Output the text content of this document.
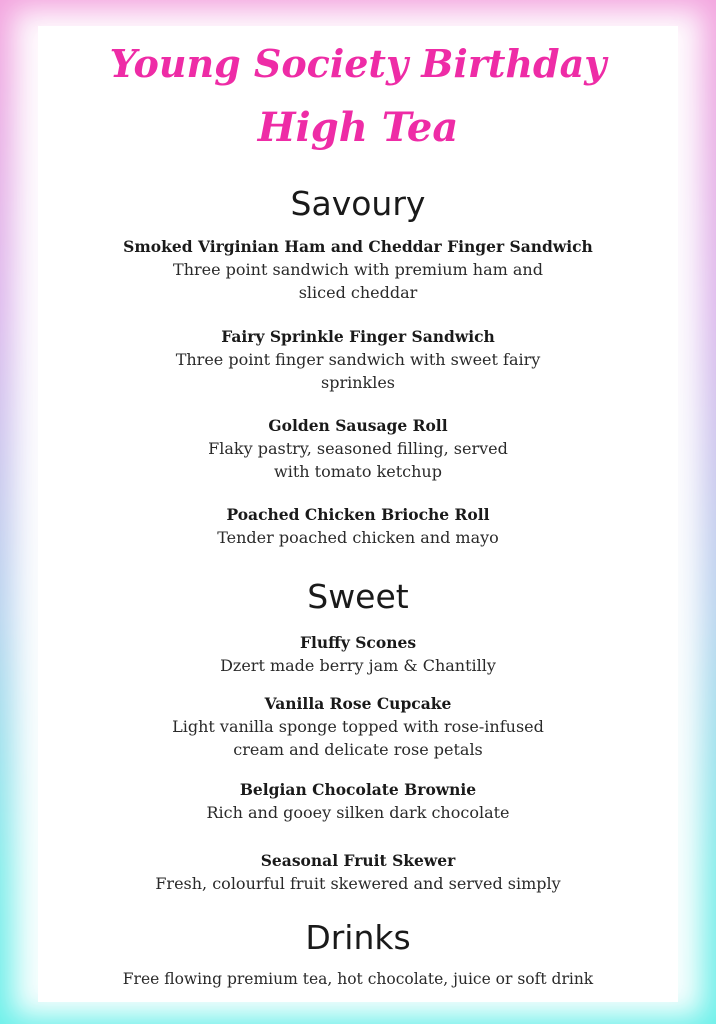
Young Society Birthday
High Tea
Savoury
Smoked Virginian Ham and Cheddar Finger Sandwich
Three point sandwich with premium ham and sliced cheddar
Fairy Sprinkle Finger Sandwich
Three point finger sandwich with sweet fairy sprinkles
Golden Sausage Roll
Flaky pastry, seasoned filling, served with tomato ketchup
Poached Chicken Brioche Roll
Tender poached chicken and mayo
Sweet
Fluffy Scones
Dzert made berry jam & Chantilly
Vanilla Rose Cupcake
Light vanilla sponge topped with rose-infused cream and delicate rose petals
Belgian Chocolate Brownie
Rich and gooey silken dark chocolate
Seasonal Fruit Skewer
Fresh, colourful fruit skewered and served simply
Drinks
Free flowing premium tea, hot chocolate, juice or soft drink
